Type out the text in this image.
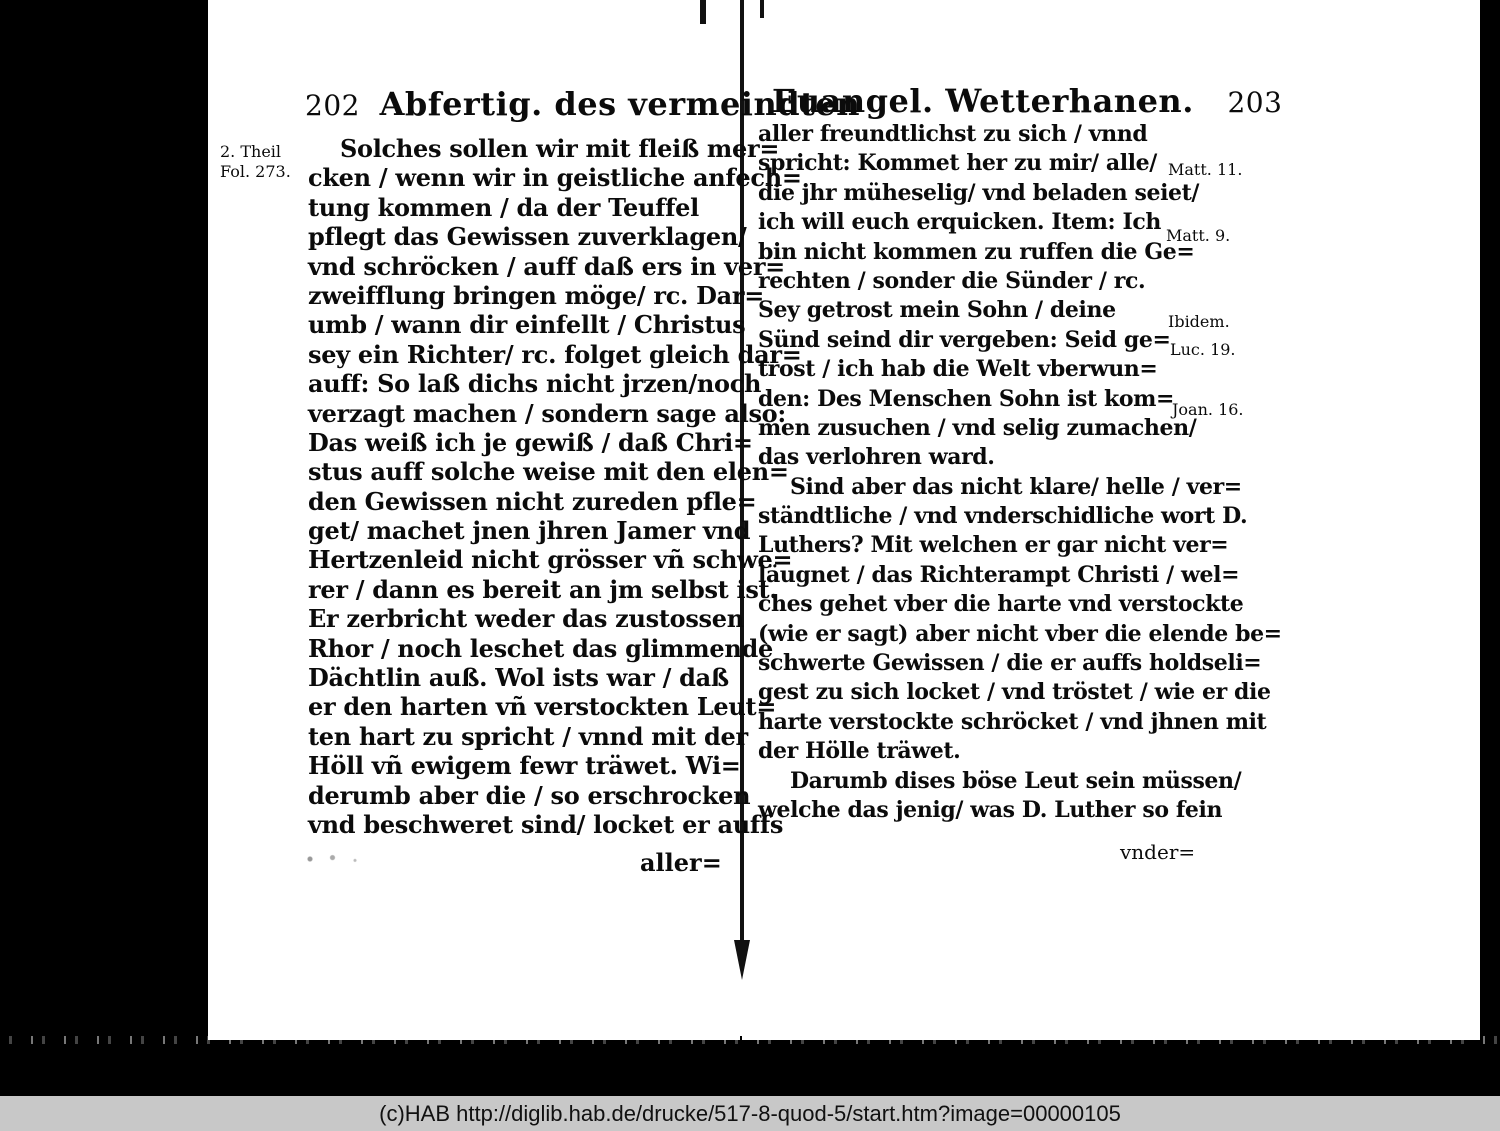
202 Abfertig. des vermeindten
2. Theil
Fol. 273.
Solches sollen wir mit fleiß mer=
cken / wenn wir in geistliche anfech=
tung kommen / da der Teuffel
pflegt das Gewissen zuverklagen/
vnd schröcken / auff daß ers in ver=
zweifflung bringen möge/ rc. Dar=
umb / wann dir einfellt / Christus
sey ein Richter/ rc. folget gleich dar=
auff: So laß dichs nicht jrzen/noch
verzagt machen / sondern sage also:
Das weiß ich je gewiß / daß Chri=
stus auff solche weise mit den elen=
den Gewissen nicht zureden pfle=
get/ machet jnen jhren Jamer vnd
Hertzenleid nicht grösser vñ schwe=
rer / dann es bereit an jm selbst ist.
Er zerbricht weder das zustossen
Rhor / noch leschet das glimmende
Dächtlin auß. Wol ists war / daß
er den harten vñ verstockten Leut=
ten hart zu spricht / vnnd mit der
Höll vñ ewigem fewr träwet. Wi=
derumb aber die / so erschrocken
vnd beschweret sind/ locket er auffs
aller=
Euangel. Wetterhanen. 203
aller freundtlichst zu sich / vnnd
spricht: Kommet her zu mir/ alle/
die jhr müheselig/ vnd beladen seiet/
ich will euch erquicken. Item: Ich
bin nicht kommen zu ruffen die Ge=
rechten / sonder die Sünder / rc.
Sey getrost mein Sohn / deine
Sünd seind dir vergeben: Seid ge=
trost / ich hab die Welt vberwun=
den: Des Menschen Sohn ist kom=
men zusuchen / vnd selig zumachen/
das verlohren ward.
Sind aber das nicht klare/ helle / ver=
ständtliche / vnd vnderschidliche wort D.
Luthers? Mit welchen er gar nicht ver=
läugnet / das Richterampt Christi / wel=
ches gehet vber die harte vnd verstockte
(wie er sagt) aber nicht vber die elende be=
schwerte Gewissen / die er auffs holdseli=
gest zu sich locket / vnd tröstet / wie er die
harte verstockte schröcket / vnd jhnen mit
der Hölle träwet.
Darumb dises böse Leut sein müssen/
welche das jenig/ was D. Luther so fein
vnder=
Matt. 11.
Matt. 9.
Ibidem.
Luc. 19.
Joan. 16.
(c)HAB http://diglib.hab.de/drucke/517-8-quod-5/start.htm?image=00000105
